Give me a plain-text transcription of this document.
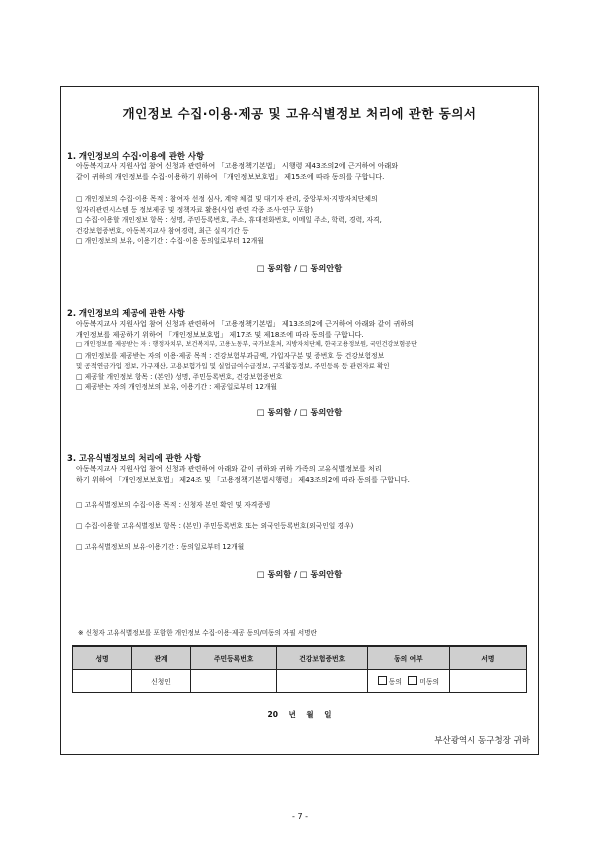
개인정보 수집·이용·제공 및 고유식별정보 처리에 관한 동의서
1. 개인정보의 수집·이용에 관한 사항
아동복지교사 지원사업 참여 신청과 관련하여 「고용정책기본법」 시행령 제43조의2에 근거하여 아래와
같이 귀하의 개인정보를 수집·이용하기 위하여 「개인정보보호법」 제15조에 따라 동의를 구합니다.
□ 개인정보의 수집·이용 목적 : 참여자 선정 심사, 계약 체결 및 대기자 관리, 중앙부처·지방자치단체의
일자리관련시스템 등 정보제공 및 정책자료 활용(사업 관련 각종 조사·연구 포함)
□ 수집·이용할 개인정보 항목 : 성명, 주민등록번호, 주소, 휴대전화번호, 이메일 주소, 학력, 경력, 자격,
건강보험증번호, 아동복지교사 참여경력, 최근 실직기간 등
□ 개인정보의 보유, 이용기간 : 수집·이용 동의일로부터 12개월
□ 동의함 / □ 동의안함
2. 개인정보의 제공에 관한 사항
아동복지교사 지원사업 참여 신청과 관련하여 「고용정책기본법」 제13조의2에 근거하여 아래와 같이 귀하의
개인정보를 제공하기 위하여 「개인정보보호법」 제17조 및 제18조에 따라 동의를 구합니다.
□ 개인정보를 제공받는 자 : 행정자치부, 보건복지부, 고용노동부, 국가보훈처, 지방자치단체, 한국고용정보원, 국민건강보험공단
□ 개인정보를 제공받는 자의 이용·제공 목적 : 건강보험부과금액, 가입자구분 및 증번호 등 건강보험정보
및 공적연금가입 정보, 가구재산, 고용보험가입 및 실업급여수급정보, 구직활동정보, 주민등록 등 관련자료 확인
□ 제공할 개인정보 항목 : (본인) 성명, 주민등록번호, 건강보험증번호
□ 제공받는 자의 개인정보의 보유, 이용기간 : 제공일로부터 12개월
□ 동의함 / □ 동의안함
3. 고유식별정보의 처리에 관한 사항
아동복지교사 지원사업 참여 신청과 관련하여 아래와 같이 귀하와 귀하 가족의 고유식별정보를 처리
하기 위하여 「개인정보보호법」 제24조 및 「고용정책기본법시행령」 제43조의2에 따라 동의를 구합니다.
□ 고유식별정보의 수집·이용 목적 : 신청자 본인 확인 및 자격증빙
□ 수집·이용할 고유식별정보 항목 : (본인) 주민등록번호 또는 외국인등록번호(외국인일 경우)
□ 고유식별정보의 보유·이용기간 : 동의일로부터 12개월
□ 동의함 / □ 동의안함
※ 신청자 고유식별정보를 포함한 개인정보 수집·이용·제공 동의/미동의 자필 서명란
성명	관계	주민등록번호	건강보험증번호	동의 여부	서명
	신청인			동의 미동의	
20 년 월 일
부산광역시 동구청장 귀하
- 7 -
